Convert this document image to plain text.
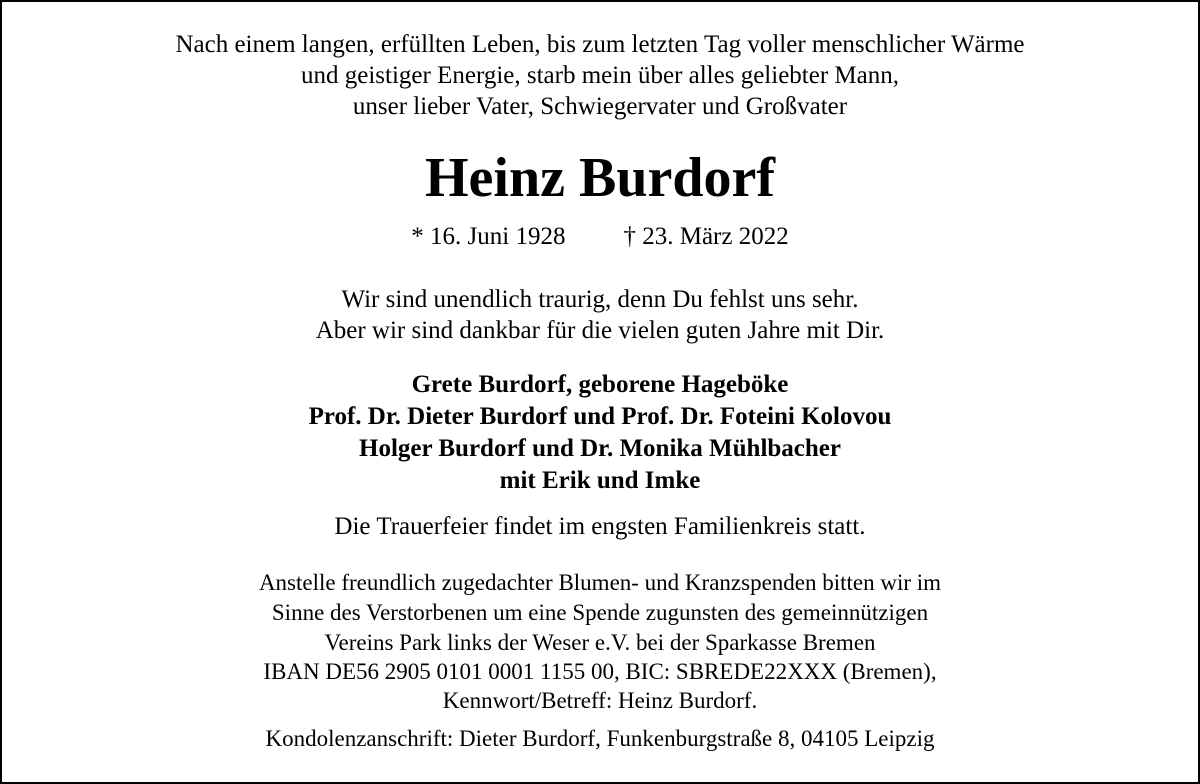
Nach einem langen, erfüllten Leben, bis zum letzten Tag voller menschlicher Wärme

und geistiger Energie, starb mein über alles geliebter Mann,

unser lieber Vater, Schwiegervater und Großvater

Heinz Burdorf
* 16. Juni 1928 † 23. März 2022

Wir sind unendlich traurig, denn Du fehlst uns sehr.

Aber wir sind dankbar für die vielen guten Jahre mit Dir.

Grete Burdorf, geborene Hageböke

Prof. Dr. Dieter Burdorf und Prof. Dr. Foteini Kolovou

Holger Burdorf und Dr. Monika Mühlbacher

mit Erik und Imke

Die Trauerfeier findet im engsten Familienkreis statt.

Anstelle freundlich zugedachter Blumen- und Kranzspenden bitten wir im

Sinne des Verstorbenen um eine Spende zugunsten des gemeinnützigen

Vereins Park links der Weser e.V. bei der Sparkasse Bremen

IBAN DE56 2905 0101 0001 1155 00, BIC: SBREDE22XXX (Bremen),

Kennwort/Betreff: Heinz Burdorf.

Kondolenzanschrift: Dieter Burdorf, Funkenburgstraße 8, 04105 Leipzig
